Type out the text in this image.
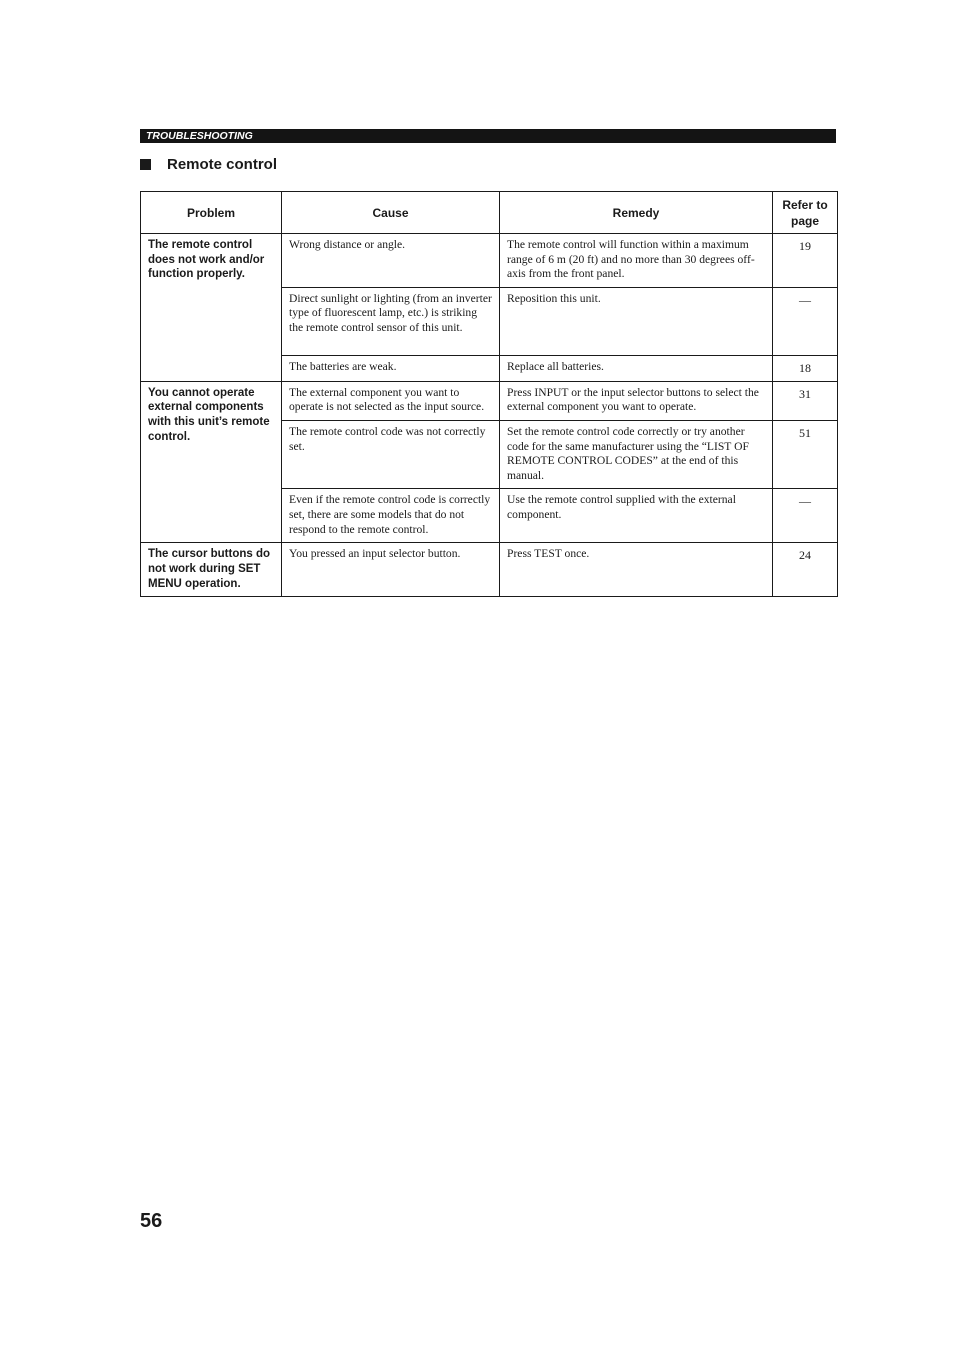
TROUBLESHOOTING
Remote control
Problem	Cause	Remedy	Refer to page
The remote control does not work and/or function properly.	Wrong distance or angle.	The remote control will function within a maximum range of 6 m (20 ft) and no more than 30 degrees off-axis from the front panel.	19
	Direct sunlight or lighting (from an inverter type of fluorescent lamp, etc.) is striking the remote control sensor of this unit.	Reposition this unit.	—
	The batteries are weak.	Replace all batteries.	18
You cannot operate external components with this unit’s remote control.	The external component you want to operate is not selected as the input source.	Press INPUT or the input selector buttons to select the external component you want to operate.	31
	The remote control code was not correctly set.	Set the remote control code correctly or try another code for the same manufacturer using the “LIST OF REMOTE CONTROL CODES” at the end of this manual.	51
	Even if the remote control code is correctly set, there are some models that do not respond to the remote control.	Use the remote control supplied with the external component.	—
The cursor buttons do not work during SET MENU operation.	You pressed an input selector button.	Press TEST once.	24
56
